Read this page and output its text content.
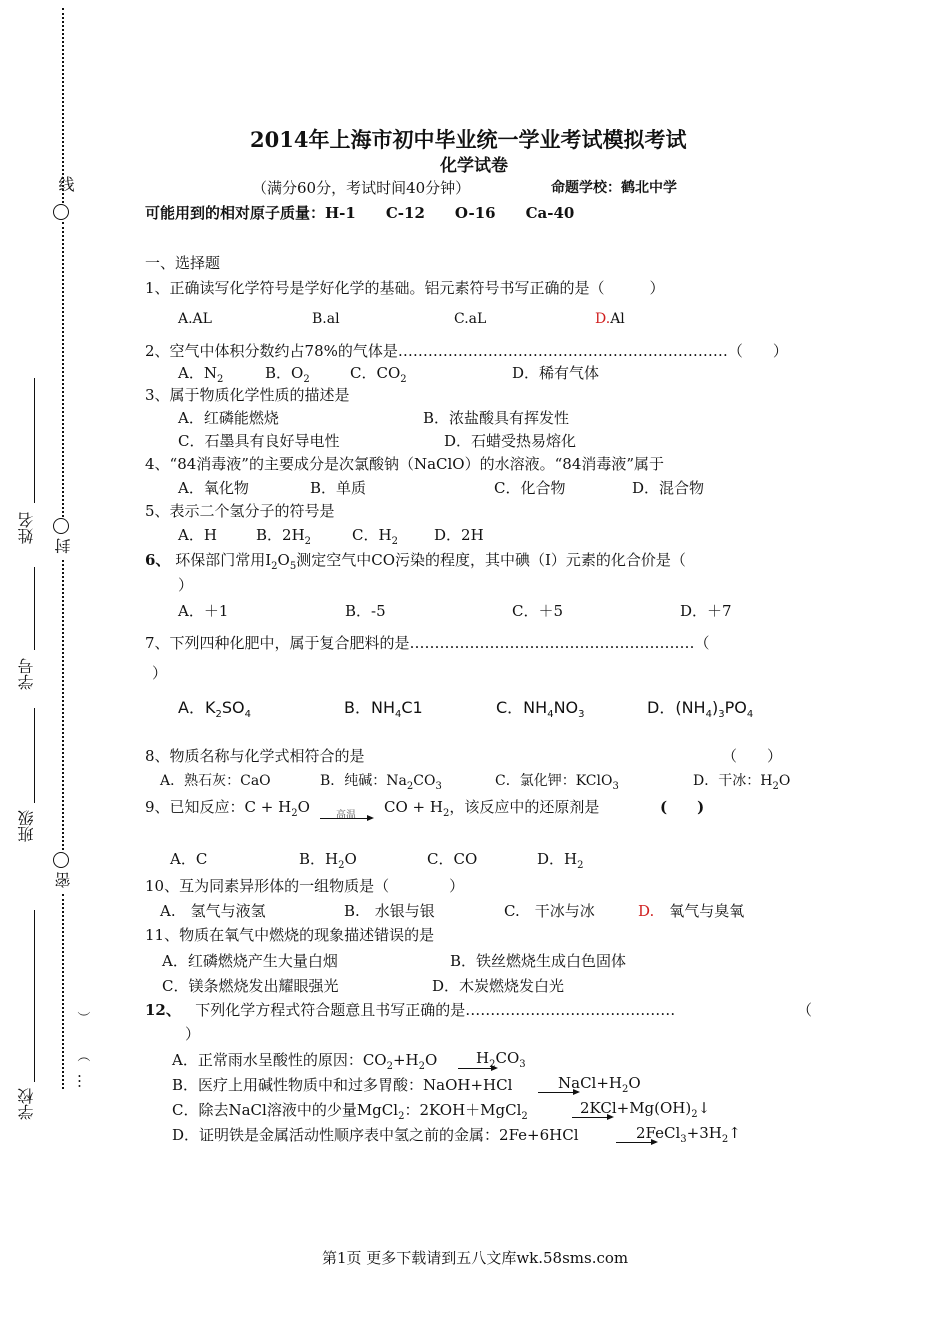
线
封
密
姓名
学号
班级
学校
）
（
…
2014年上海市初中毕业统一学业考试模拟考试
化学试卷
（满分60分，考试时间40分钟）	命题学校：鹤北中学
可能用到的相对原子质量：H-1　　C-12　　O-16　　Ca-40
一、选择题
1、正确读写化学符号是学好化学的基础。铝元素符号书写正确的是（　　　）
A.AL	B.al	C.aL	D.Al
2、空气中体积分数约占78%的气体是…………………………………………………………（　　）
A．$N_2$	B．$O_2$	C．$CO_2$	D．稀有气体
3、属于物质化学性质的描述是
A．红磷能燃烧	B．浓盐酸具有挥发性
C．石墨具有良好导电性	D．石蜡受热易熔化
4、“84消毒液”的主要成分是次氯酸钠（NaClO）的水溶液。“84消毒液”属于
A．氧化物	B．单质	C．化合物	D．混合物
5、表示二个氢分子的符号是
A．H	B．$2H_2$	C．$H_2$ D．2H
6、 环保部门常用$I_2O_5$测定空气中CO污染的程度，其中碘（I）元素的化合价是（
）
A．＋1	B．-5	C．＋5	D．＋7
7、下列四种化肥中，属于复合肥料的是…………………………………………………（
）
A．$K_2SO_4$	B．$NH_4C1$	C．$NH_4NO_3$	D．$(NH_4)_3PO_4$
8、物质名称与化学式相符合的是	（　　）
A．熟石灰：CaO	B．纯碱：$Na_2CO_3$	C．氯化钾：KClO$_3$	D．干冰：$H_2O$
9、已知反应：$C + H_2O$	高温 CO + $H_2$，该反应中的还原剂是	(　　)
A．C	B．$H_2O$	C．CO	D．$H_2$
10、互为同素异形体的一组物质是（　　　　）
A.　氢气与液氢	B.　水银与银	C.　干冰与冰	D.　氧气与臭氧
11、物质在氧气中燃烧的现象描述错误的是
A．红磷燃烧产生大量白烟	B．铁丝燃烧生成白色固体
C．镁条燃烧发出耀眼强光	D．木炭燃烧发白光
12、 下列化学方程式符合题意且书写正确的是……………………………………	（
）
A．正常雨水呈酸性的原因：$CO_2+H_2O$	$H_2CO_3$
B．医疗上用碱性物质中和过多胃酸：NaOH+HCl	$NaCl+H_2O$
C．除去NaCl溶液中的少量MgCl$_2$：2KOH＋MgCl$_2$	$2KCl+Mg(OH)_2↓$
D．证明铁是金属活动性顺序表中氢之前的金属：2Fe+6HCl	$2FeCl_3+3H_2↑$
第1页 更多下载请到五八文库wk.58sms.com
